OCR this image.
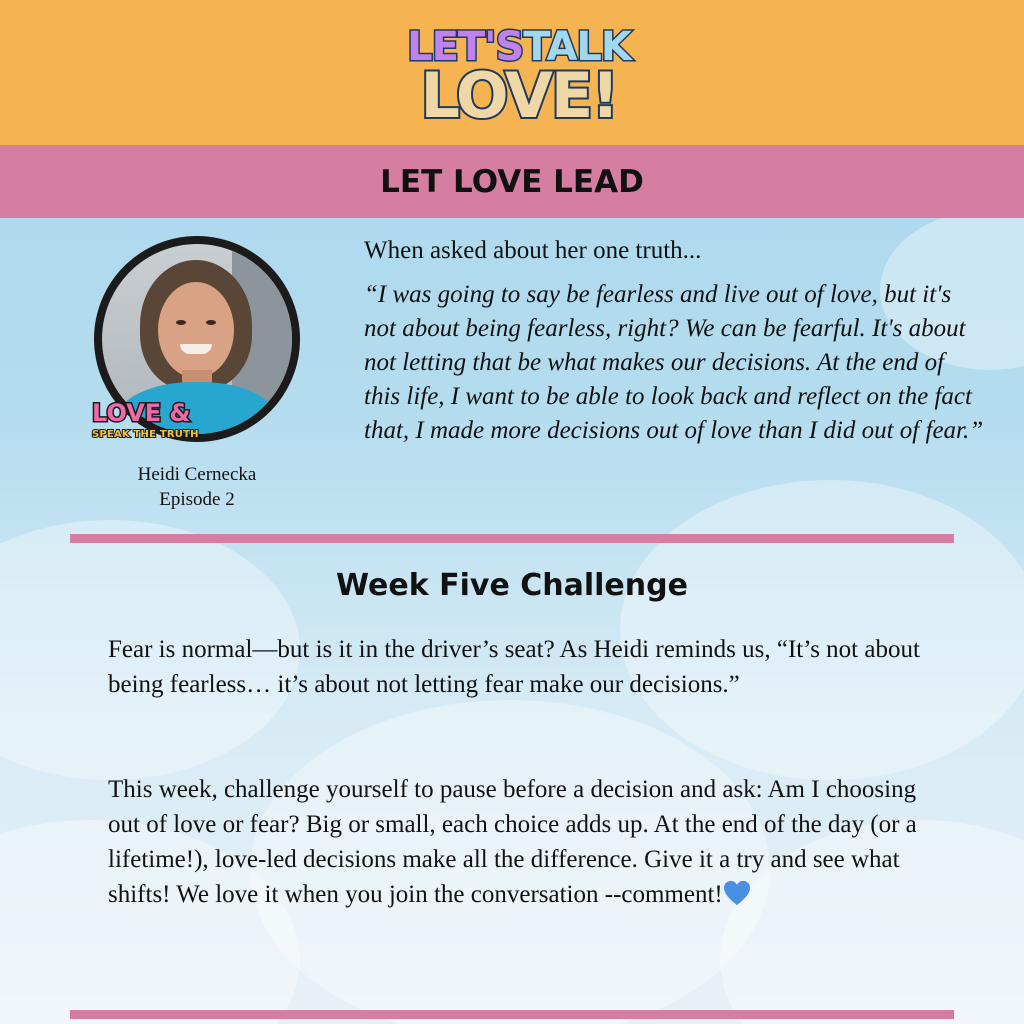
LET'STALK
LOVE!
LET LOVE LEAD
LOVE &
SPEAK THE TRUTH
Heidi Cernecka
Episode 2
When asked about her one truth...
“I was going to say be fearless and live out of love, but it's not about being fearless, right? We can be fearful. It's about not letting that be what makes our decisions. At the end of this life, I want to be able to look back and reflect on the fact that, I made more decisions out of love than I did out of fear.”
Week Five Challenge
Fear is normal—but is it in the driver’s seat? As Heidi reminds us, “It’s not about being fearless… it’s about not letting fear make our decisions.”
This week, challenge yourself to pause before a decision and ask: Am I choosing out of love or fear? Big or small, each choice adds up. At the end of the day (or a lifetime!), love-led decisions make all the difference. Give it a try and see what shifts! We love it when you join the conversation --comment!
